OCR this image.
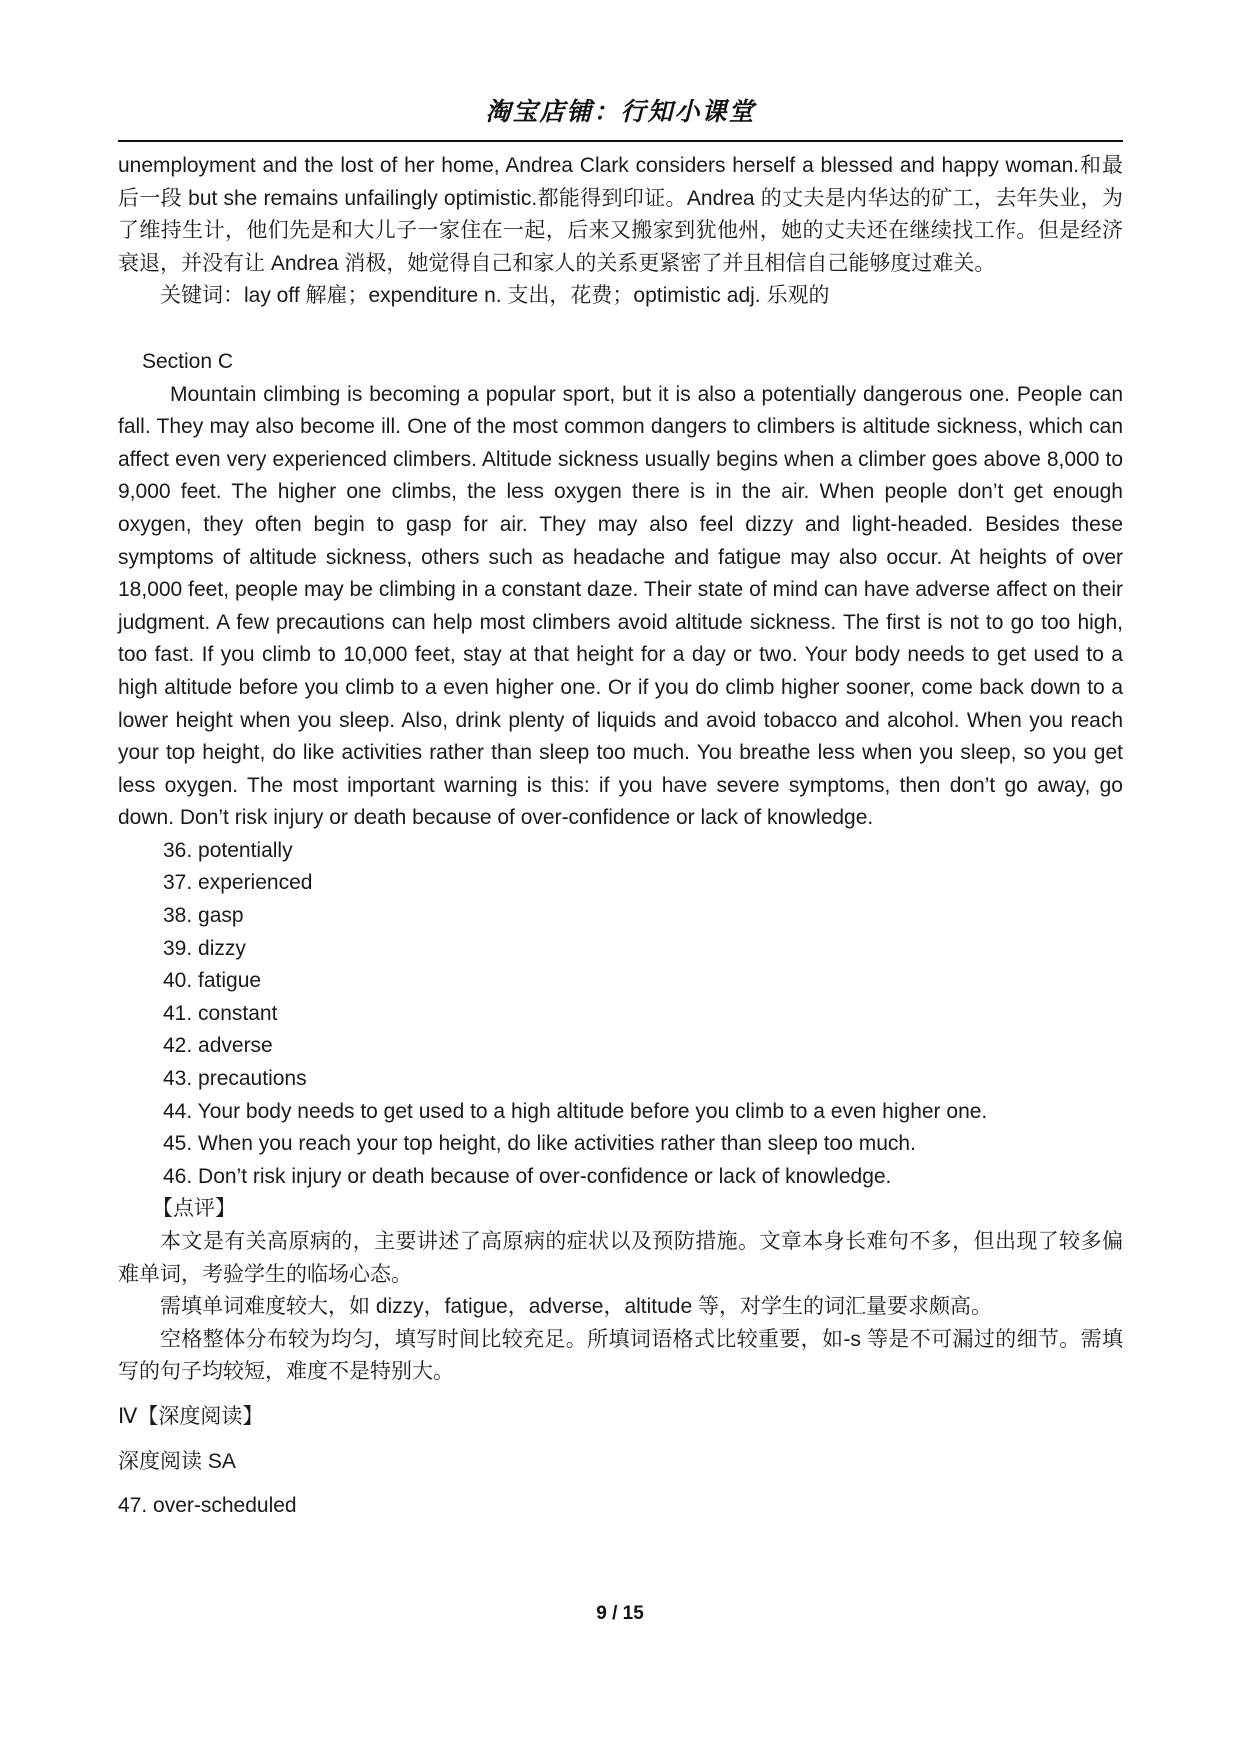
淘宝店铺：行知小课堂

unemployment and the lost of her home, Andrea Clark considers herself a blessed and happy woman.和最后一段 but she remains unfailingly optimistic.都能得到印证。Andrea 的丈夫是内华达的矿工，去年失业，为了维持生计，他们先是和大儿子一家住在一起，后来又搬家到犹他州，她的丈夫还在继续找工作。但是经济衰退，并没有让 Andrea 消极，她觉得自己和家人的关系更紧密了并且相信自己能够度过难关。

关键词：lay off 解雇；expenditure n. 支出，花费；optimistic adj. 乐观的

Section C

Mountain climbing is becoming a popular sport, but it is also a potentially dangerous one. People can fall. They may also become ill. One of the most common dangers to climbers is altitude sickness, which can affect even very experienced climbers. Altitude sickness usually begins when a climber goes above 8,000 to 9,000 feet. The higher one climbs, the less oxygen there is in the air. When people don’t get enough oxygen, they often begin to gasp for air. They may also feel dizzy and light-headed. Besides these symptoms of altitude sickness, others such as headache and fatigue may also occur. At heights of over 18,000 feet, people may be climbing in a constant daze. Their state of mind can have adverse affect on their judgment. A few precautions can help most climbers avoid altitude sickness. The first is not to go too high, too fast. If you climb to 10,000 feet, stay at that height for a day or two. Your body needs to get used to a high altitude before you climb to a even higher one. Or if you do climb higher sooner, come back down to a lower height when you sleep. Also, drink plenty of liquids and avoid tobacco and alcohol. When you reach your top height, do like activities rather than sleep too much. You breathe less when you sleep, so you get less oxygen. The most important warning is this: if you have severe symptoms, then don’t go away, go down. Don’t risk injury or death because of over-confidence or lack of knowledge.

36. potentially
37. experienced
38. gasp
39. dizzy
40. fatigue
41. constant
42. adverse
43. precautions
44. Your body needs to get used to a high altitude before you climb to a even higher one.
45. When you reach your top height, do like activities rather than sleep too much.
46. Don’t risk injury or death because of over-confidence or lack of knowledge.

【点评】

本文是有关高原病的，主要讲述了高原病的症状以及预防措施。文章本身长难句不多，但出现了较多偏难单词，考验学生的临场心态。

需填单词难度较大，如 dizzy，fatigue，adverse，altitude 等，对学生的词汇量要求颇高。

空格整体分布较为均匀，填写时间比较充足。所填词语格式比较重要，如-s 等是不可漏过的细节。需填写的句子均较短，难度不是特别大。

Ⅳ【深度阅读】

深度阅读 SA

47. over-scheduled

9 / 15
